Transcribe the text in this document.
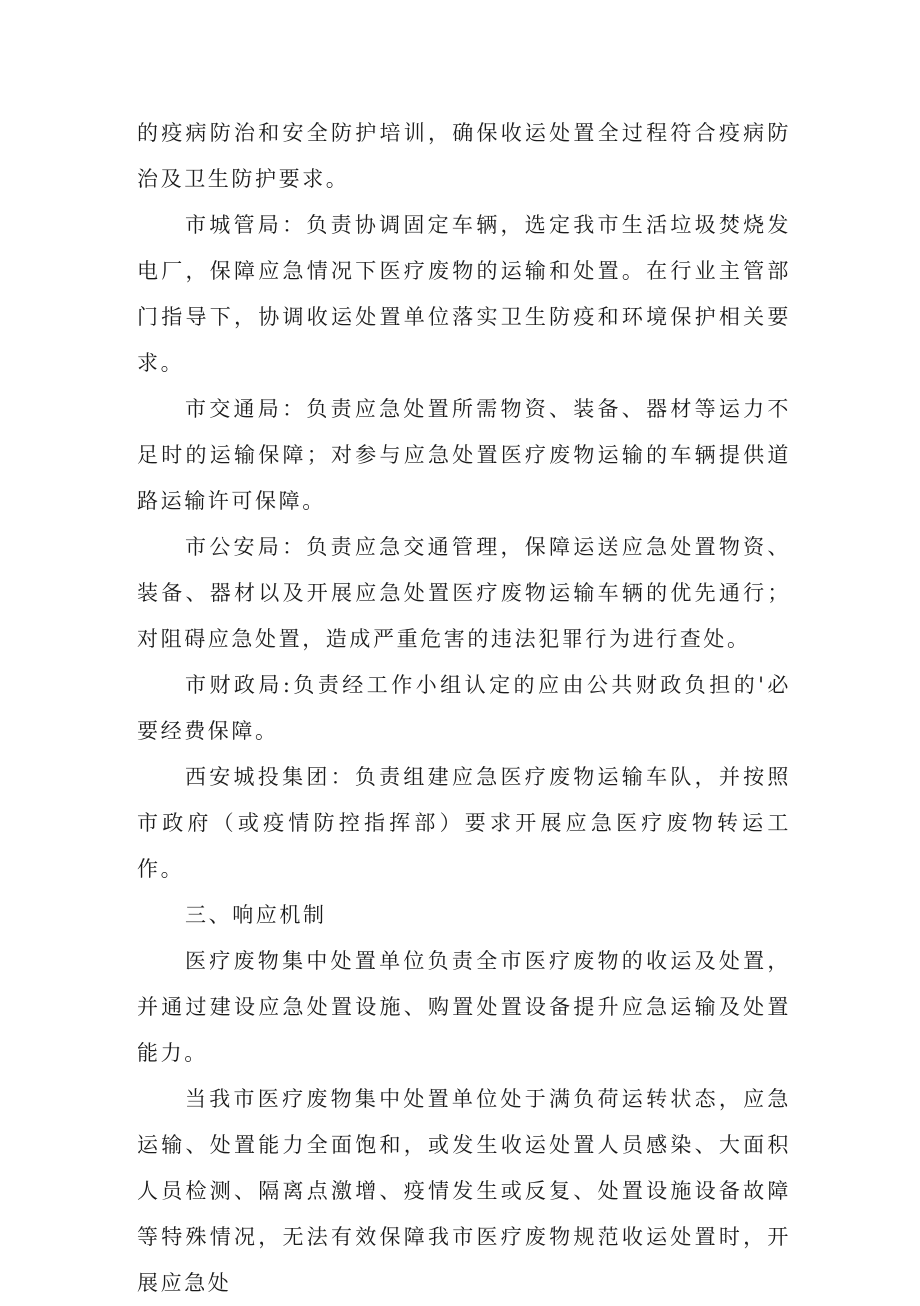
的疫病防治和安全防护培训，确保收运处置全过程符合疫病防治及卫生防护要求。

市城管局：负责协调固定车辆，选定我市生活垃圾焚烧发电厂，保障应急情况下医疗废物的运输和处置。在行业主管部门指导下，协调收运处置单位落实卫生防疫和环境保护相关要求。

市交通局：负责应急处置所需物资、装备、器材等运力不足时的运输保障；对参与应急处置医疗废物运输的车辆提供道路运输许可保障。

市公安局：负责应急交通管理，保障运送应急处置物资、装备、器材以及开展应急处置医疗废物运输车辆的优先通行；对阻碍应急处置，造成严重危害的违法犯罪行为进行查处。

市财政局:负责经工作小组认定的应由公共财政负担的'必要经费保障。

西安城投集团：负责组建应急医疗废物运输车队，并按照市政府（或疫情防控指挥部）要求开展应急医疗废物转运工作。

三、响应机制

医疗废物集中处置单位负责全市医疗废物的收运及处置，并通过建设应急处置设施、购置处置设备提升应急运输及处置能力。

当我市医疗废物集中处置单位处于满负荷运转状态，应急运输、处置能力全面饱和，或发生收运处置人员感染、大面积人员检测、隔离点激增、疫情发生或反复、处置设施设备故障等特殊情况，无法有效保障我市医疗废物规范收运处置时，开展应急处
